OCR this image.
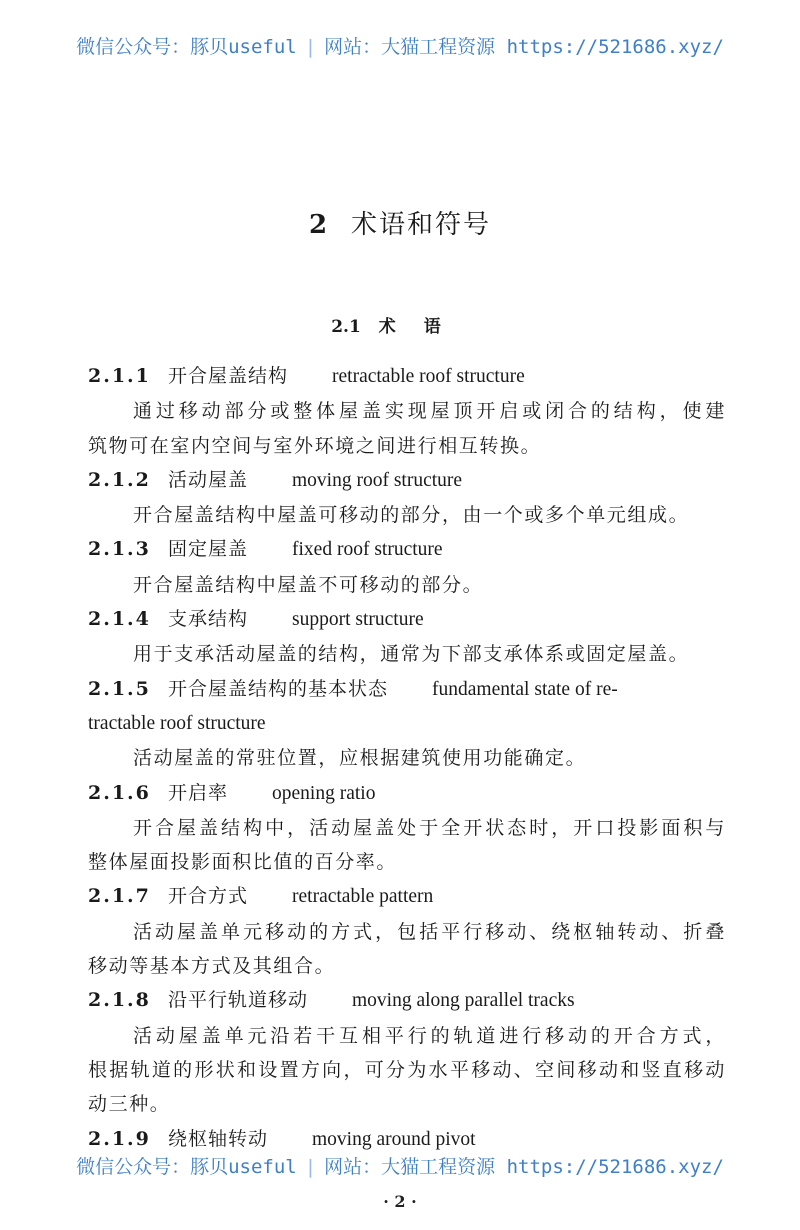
微信公众号：豚贝useful | 网站：大猫工程资源 https://521686.xyz/
2 术语和符号
2.1 术语
2.1.1 开合屋盖结构 retractable roof structure
通过移动部分或整体屋盖实现屋顶开启或闭合的结构，使建
筑物可在室内空间与室外环境之间进行相互转换。
2.1.2 活动屋盖 moving roof structure
开合屋盖结构中屋盖可移动的部分，由一个或多个单元组成。
2.1.3 固定屋盖 fixed roof structure
开合屋盖结构中屋盖不可移动的部分。
2.1.4 支承结构 support structure
用于支承活动屋盖的结构，通常为下部支承体系或固定屋盖。
2.1.5 开合屋盖结构的基本状态 fundamental state of re-
tractable roof structure
活动屋盖的常驻位置，应根据建筑使用功能确定。
2.1.6 开启率 opening ratio
开合屋盖结构中，活动屋盖处于全开状态时，开口投影面积与
整体屋面投影面积比值的百分率。
2.1.7 开合方式 retractable pattern
活动屋盖单元移动的方式，包括平行移动、绕枢轴转动、折叠
移动等基本方式及其组合。
2.1.8 沿平行轨道移动 moving along parallel tracks
活动屋盖单元沿若干互相平行的轨道进行移动的开合方式，
根据轨道的形状和设置方向，可分为水平移动、空间移动和竖直移动
动三种。
2.1.9 绕枢轴转动 moving around pivot
微信公众号：豚贝useful | 网站：大猫工程资源 https://521686.xyz/
· 2 ·
